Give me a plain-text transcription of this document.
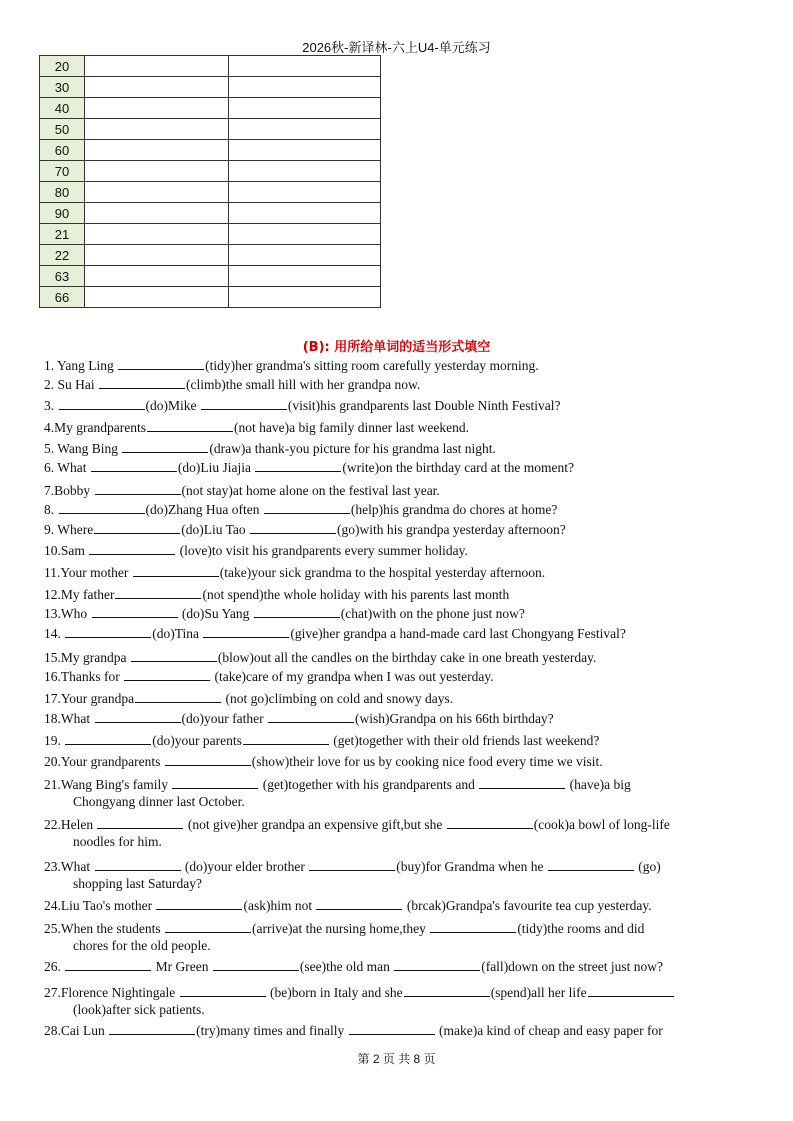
2026秋-新译林-六上U4-单元练习
20		
30		
40		
50		
60		
70		
80		
90		
21		
22		
63		
66		
(B): 用所给单词的适当形式填空
1. Yang Ling	(tidy)her grandma's sitting room carefully yesterday morning.
2. Su Hai	(climb)the small hill with her grandpa now.
3.	(do)Mike	(visit)his grandparents last Double Ninth Festival?
4.My grandparents	(not have)a big family dinner last weekend.
5. Wang Bing	(draw)a thank-you picture for his grandma last night.
6. What	(do)Liu Jiajia	(write)on the birthday card at the moment?
7.Bobby	(not stay)at home alone on the festival last year.
8.	(do)Zhang Hua often	(help)his grandma do chores at home?
9. Where	(do)Liu Tao	(go)with his grandpa yesterday afternoon?
10.Sam	(love)to visit his grandparents every summer holiday.
11.Your mother	(take)your sick grandma to the hospital yesterday afternoon.
12.My father	(not spend)the whole holiday with his parents last month
13.Who	(do)Su Yang	(chat)with on the phone just now?
14.	(do)Tina	(give)her grandpa a hand-made card last Chongyang Festival?
15.My grandpa	(blow)out all the candles on the birthday cake in one breath yesterday.
16.Thanks for	(take)care of my grandpa when I was out yesterday.
17.Your grandpa	(not go)climbing on cold and snowy days.
18.What	(do)your father	(wish)Grandpa on his 66th birthday?
19.	(do)your parents	(get)together with their old friends last weekend?
20.Your grandparents	(show)their love for us by cooking nice food every time we visit.
21.Wang Bing's family	(get)together with his grandparents and	(have)a big
Chongyang dinner last October.
22.Helen	(not give)her grandpa an expensive gift,but she	(cook)a bowl of long-life
noodles for him.
23.What	(do)your elder brother	(buy)for Grandma when he	(go)
shopping last Saturday?
24.Liu Tao's mother	(ask)him not	(brcak)Grandpa's favourite tea cup yesterday.
25.When the students	(arrive)at the nursing home,they	(tidy)the rooms and did
chores for the old people.
26.	Mr Green	(see)the old man	(fall)down on the street just now?
27.Florence Nightingale	(be)born in Italy and she	(spend)all her life
(look)after sick patients.
28.Cai Lun	(try)many times and finally	(make)a kind of cheap and easy paper for
第 2 页 共 8 页
